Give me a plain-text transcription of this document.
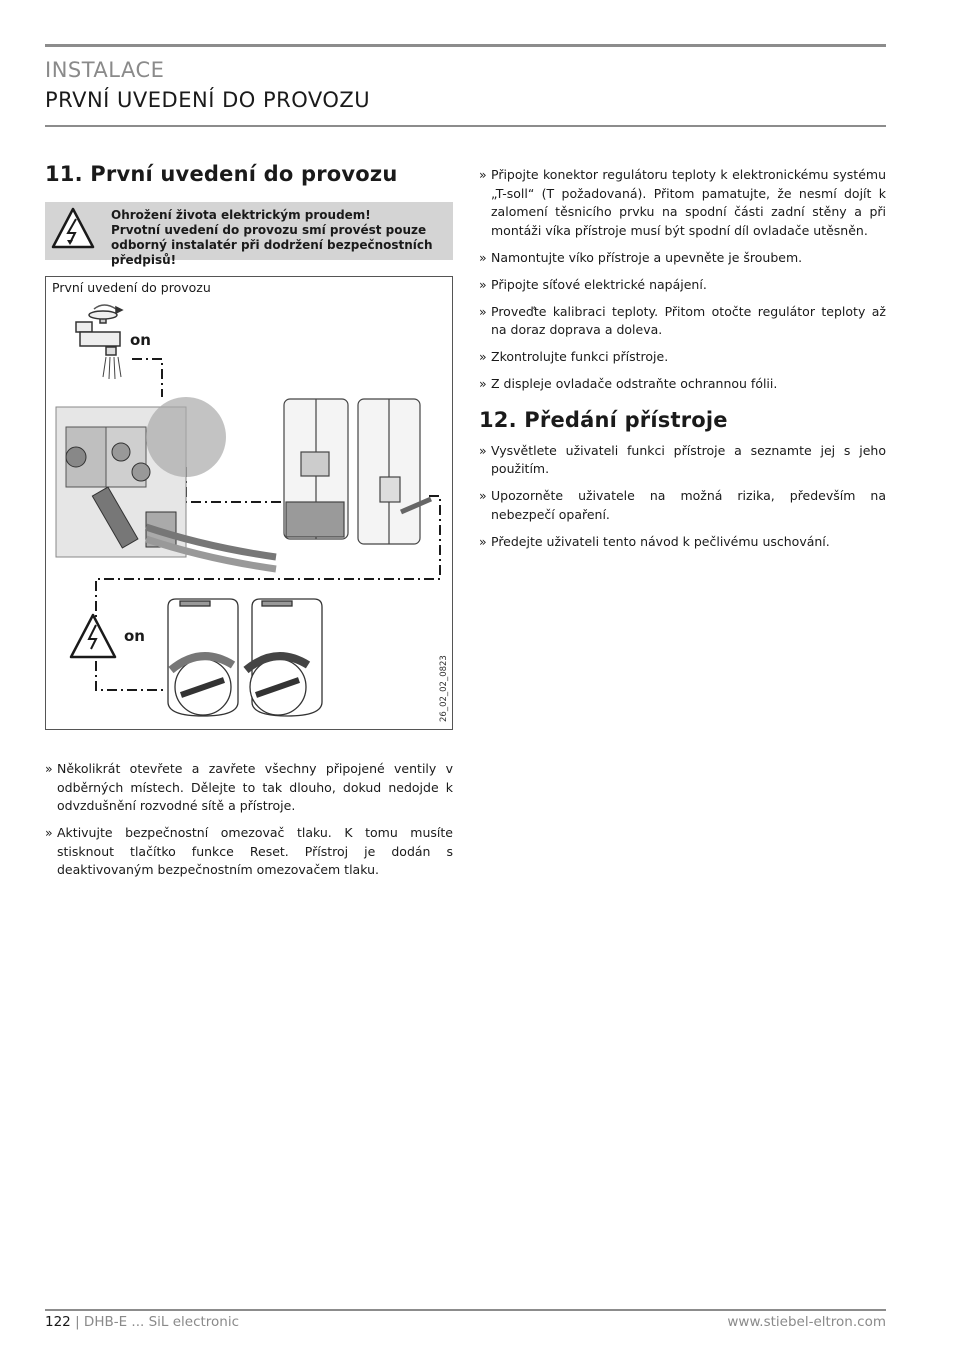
INSTALACE
PRVNÍ UVEDENÍ DO PROVOZU
11. První uvedení do provozu
Ohrožení života elektrickým proudem!
Prvotní uvedení do provozu smí provést pouze odborný instalatér při dodržení bezpečnostních předpisů!
První uvedení do provozu
on
on
26_02_02_0823
» Několikrát otevřete a zavřete všechny připojené ventily v odběrných místech. Dělejte to tak dlouho, dokud nedojde k odvzdušnění rozvodné sítě a přístroje.
» Aktivujte bezpečnostní omezovač tlaku. K tomu musíte stisknout tlačítko funkce Reset. Přístroj je dodán s deaktivovaným bezpečnostním omezovačem tlaku.
» Připojte konektor regulátoru teploty k elektronickému systému „T-soll“ (T požadovaná). Přitom pamatujte, že nesmí dojít k zalomení těsnicího prvku na spodní části zadní stěny a při montáži víka přístroje musí být spodní díl ovladače utěsněn.
» Namontujte víko přístroje a upevněte je šroubem.
» Připojte síťové elektrické napájení.
» Proveďte kalibraci teploty. Přitom otočte regulátor teploty až na doraz doprava a doleva.
» Zkontrolujte funkci přístroje.
» Z displeje ovladače odstraňte ochrannou fólii.
12. Předání přístroje
» Vysvětlete uživateli funkci přístroje a seznamte jej s jeho použitím.
» Upozorněte uživatele na možná rizika, především na nebezpečí opaření.
» Předejte uživateli tento návod k pečlivému uschování.
122 | DHB-E ... SiL electronic	www.stiebel-eltron.com
